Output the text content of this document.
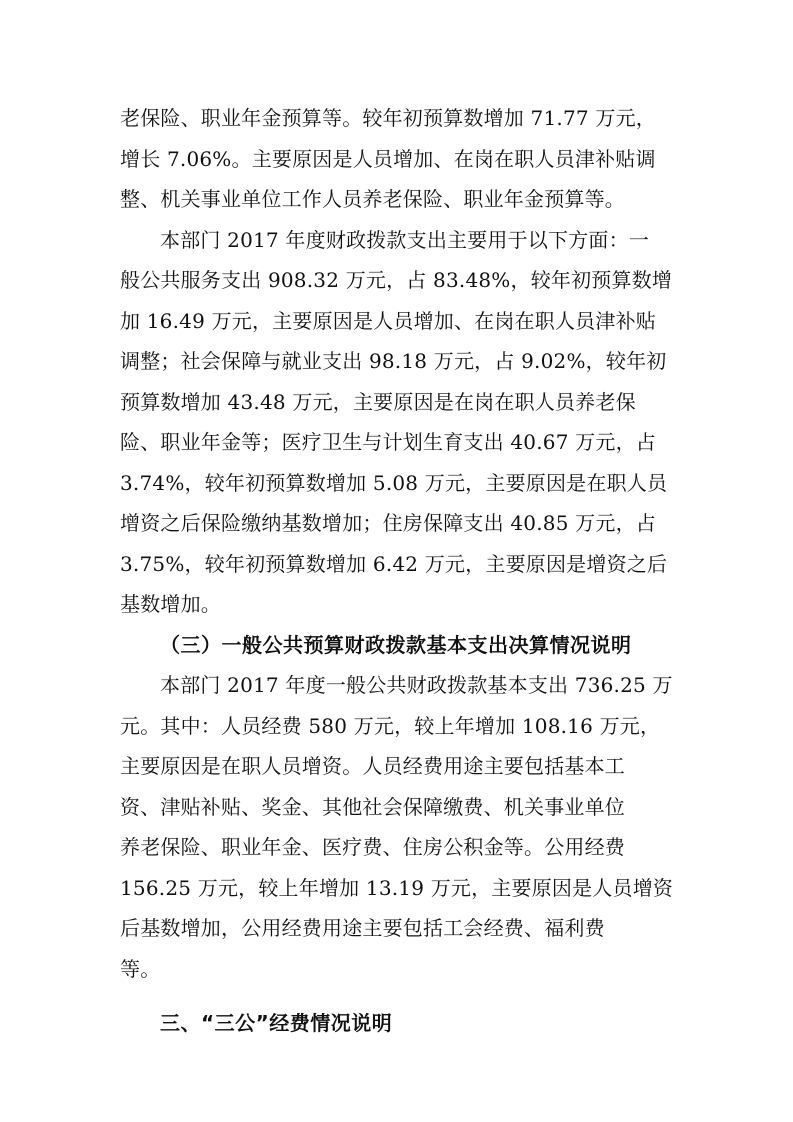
老保险、职业年金预算等。较年初预算数增加 71.77 万元，
增长 7.06%。主要原因是人员增加、在岗在职人员津补贴调
整、机关事业单位工作人员养老保险、职业年金预算等。
本部门 2017 年度财政拨款支出主要用于以下方面：一
般公共服务支出 908.32 万元，占 83.48%，较年初预算数增
加 16.49 万元，主要原因是人员增加、在岗在职人员津补贴
调整；社会保障与就业支出 98.18 万元，占 9.02%，较年初
预算数增加 43.48 万元，主要原因是在岗在职人员养老保
险、职业年金等；医疗卫生与计划生育支出 40.67 万元，占
3.74%，较年初预算数增加 5.08 万元，主要原因是在职人员
增资之后保险缴纳基数增加；住房保障支出 40.85 万元，占
3.75%，较年初预算数增加 6.42 万元，主要原因是增资之后
基数增加。
（三）一般公共预算财政拨款基本支出决算情况说明
本部门 2017 年度一般公共财政拨款基本支出 736.25 万
元。其中：人员经费 580 万元，较上年增加 108.16 万元，
主要原因是在职人员增资。人员经费用途主要包括基本工
资、津贴补贴、奖金、其他社会保障缴费、机关事业单位
养老保险、职业年金、医疗费、住房公积金等。公用经费
156.25 万元，较上年增加 13.19 万元，主要原因是人员增资
后基数增加，公用经费用途主要包括工会经费、福利费
等。
三、“三公”经费情况说明
